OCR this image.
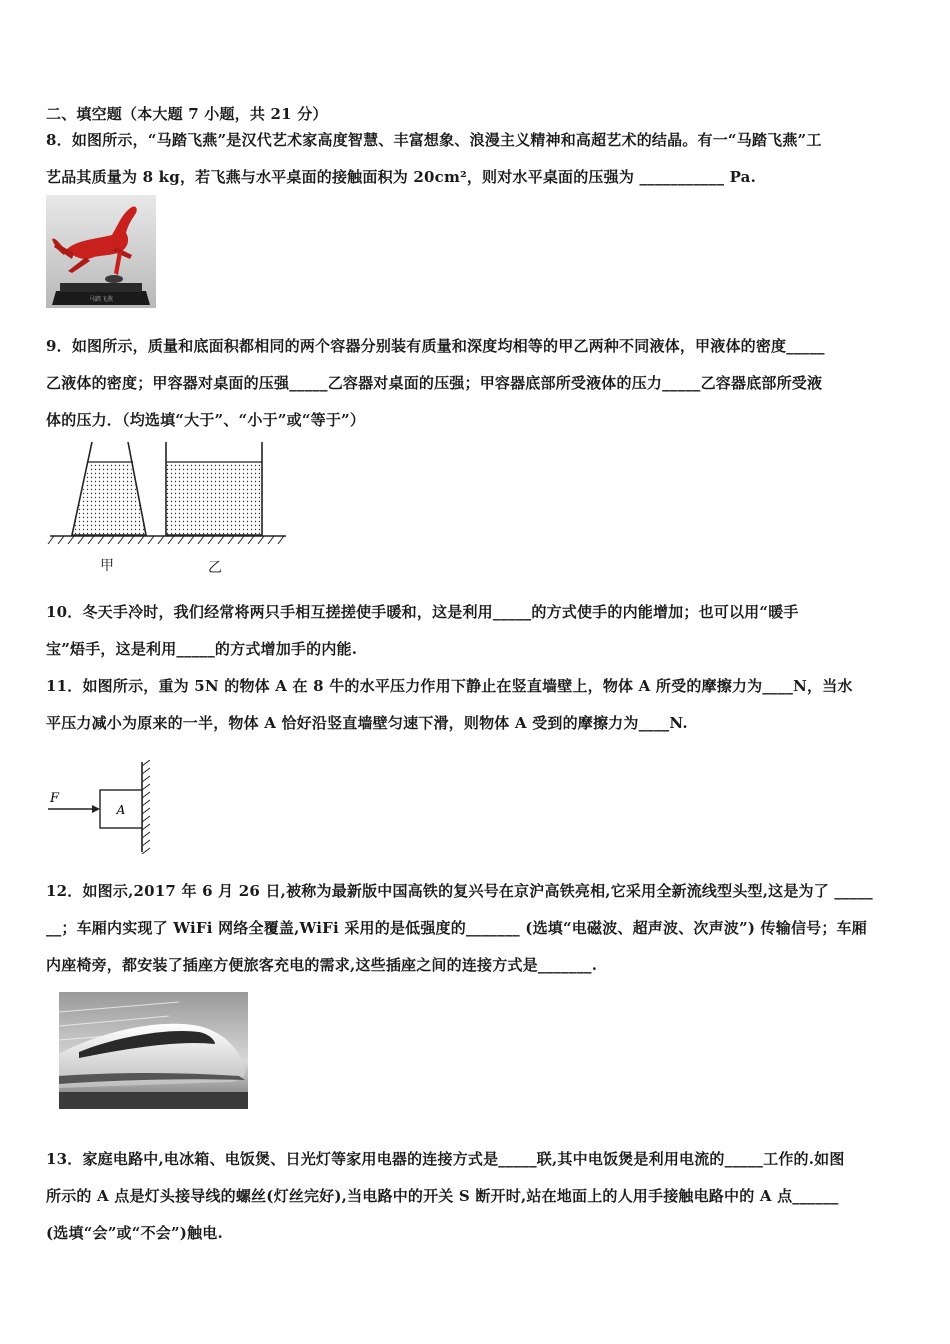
二、填空题（本大题 7 小题，共 21 分）
8．如图所示，“马踏飞燕”是汉代艺术家高度智慧、丰富想象、浪漫主义精神和高超艺术的结晶。有一“马踏飞燕”工
艺品其质量为 8 kg，若飞燕与水平桌面的接触面积为 20cm²，则对水平桌面的压强为 ___________ Pa.
马踏飞燕
9．如图所示，质量和底面积都相同的两个容器分别装有质量和深度均相等的甲乙两种不同液体，甲液体的密度_____
乙液体的密度；甲容器对桌面的压强_____乙容器对桌面的压强；甲容器底部所受液体的压力_____乙容器底部所受液
体的压力．（均选填“大于”、“小于”或“等于”）
甲	乙
10．冬天手冷时，我们经常将两只手相互搓搓使手暖和，这是利用_____的方式使手的内能增加；也可以用“暖手
宝”焐手，这是利用_____的方式增加手的内能.
11．如图所示，重为 5N 的物体 A 在 8 牛的水平压力作用下静止在竖直墙壁上，物体 A 所受的摩擦力为____N，当水
平压力减小为原来的一半，物体 A 恰好沿竖直墙壁匀速下滑，则物体 A 受到的摩擦力为____N.
A
F
12．如图示,2017 年 6 月 26 日,被称为最新版中国高铁的复兴号在京沪高铁亮相,它采用全新流线型头型,这是为了 _____
__；车厢内实现了 WiFi 网络全覆盖,WiFi 采用的是低强度的_______ (选填“电磁波、超声波、次声波”) 传输信号；车厢
内座椅旁，都安装了插座方便旅客充电的需求,这些插座之间的连接方式是_______.
13．家庭电路中,电冰箱、电饭煲、日光灯等家用电器的连接方式是_____联,其中电饭煲是利用电流的_____工作的.如图
所示的 A 点是灯头接导线的螺丝(灯丝完好),当电路中的开关 S 断开时,站在地面上的人用手接触电路中的 A 点______
(选填“会”或“不会”)触电.
